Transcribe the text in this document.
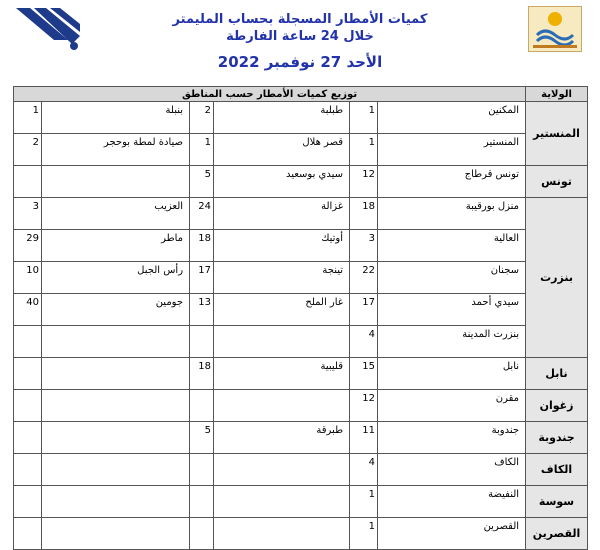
كميات الأمطار المسجلة بحساب المليمتر
خلال 24 ساعة الفارطة
الأحد 27 نوفمبر 2022
الولاية	توزيع كميات الأمطار حسب المناطق					
المنستير	المكنين	1	طبلبة	2	بنبلة	1
	المنستير	1	قصر هلال	1	صيادة لمطة بوحجر	2
تونس	تونس قرطاج	12	سيدي بوسعيد	5		
بنزرت	منزل بورقيبة	18	غزالة	24	العزيب	3
	العالية	3	أوتيك	18	ماطر	29
	سجنان	22	تينجة	17	رأس الجبل	10
	سيدي أحمد	17	غار الملح	13	جومين	40
	بنزرت المدينة	4				
نابل	نابل	15	قليبية	18		
زغوان	مقرن	12				
جندوبة	جندوبة	11	طبرقة	5		
الكاف	الكاف	4				
سوسة	النفيضة	1				
القصرين	القصرين	1				
